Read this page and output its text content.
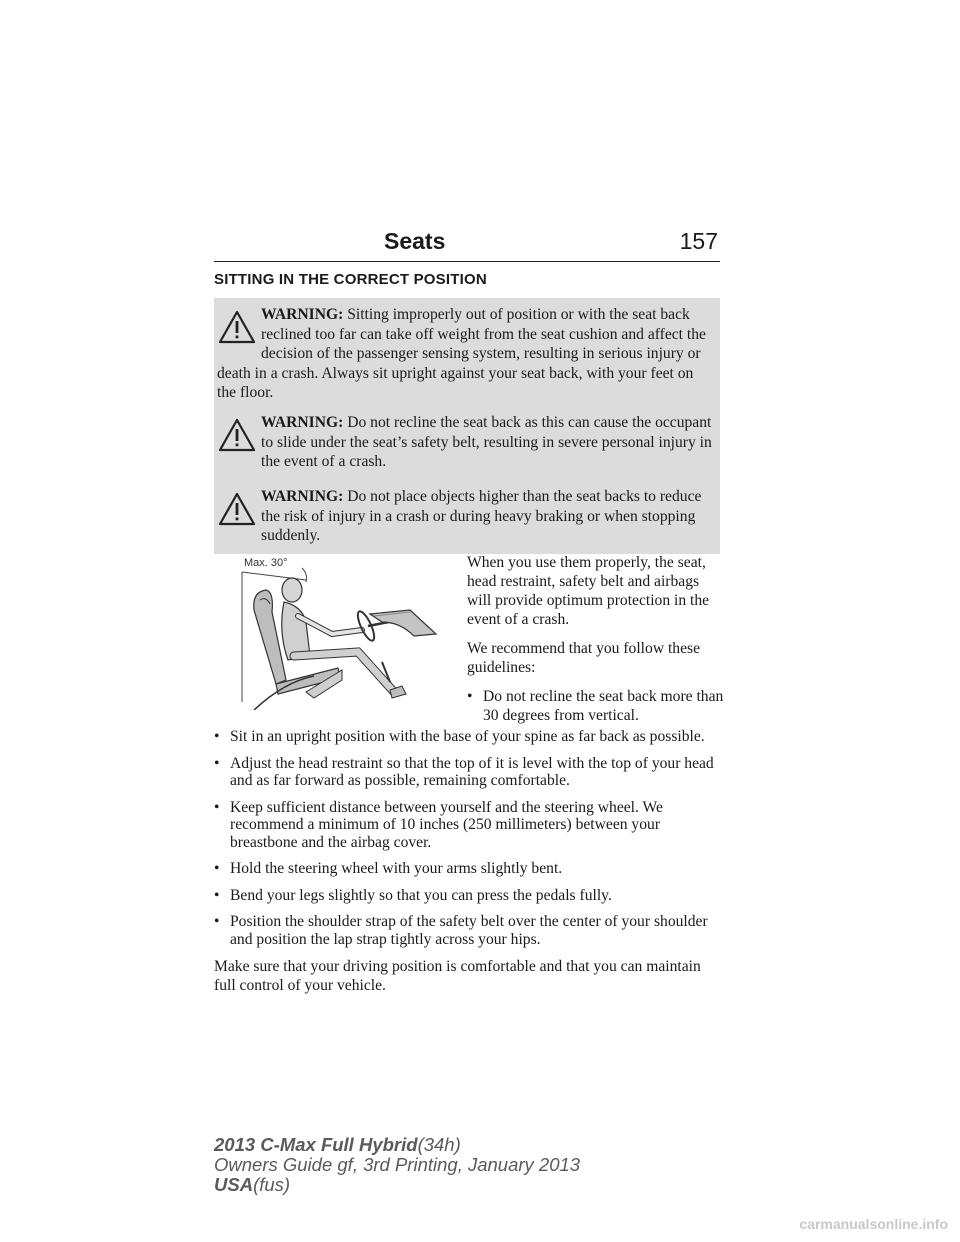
Seats	157
SITTING IN THE CORRECT POSITION
WARNING: Sitting improperly out of position or with the seat back reclined too far can take off weight from the seat cushion and affect the decision of the passenger sensing system, resulting in serious injury or death in a crash. Always sit upright against your seat back, with your feet on the floor.
WARNING: Do not recline the seat back as this can cause the occupant to slide under the seat’s safety belt, resulting in severe personal injury in the event of a crash.
WARNING: Do not place objects higher than the seat backs to reduce the risk of injury in a crash or during heavy braking or when stopping suddenly.
Max. 30°	When you use them properly, the seat, head restraint, safety belt and airbags will provide optimum protection in the event of a crash.

We recommend that you follow these guidelines:

• Do not recline the seat back more than 30 degrees from vertical.
• Sit in an upright position with the base of your spine as far back as possible.
• Adjust the head restraint so that the top of it is level with the top of your head and as far forward as possible, remaining comfortable.
• Keep sufficient distance between yourself and the steering wheel. We recommend a minimum of 10 inches (250 millimeters) between your breastbone and the airbag cover.
• Hold the steering wheel with your arms slightly bent.
• Bend your legs slightly so that you can press the pedals fully.
• Position the shoulder strap of the safety belt over the center of your shoulder and position the lap strap tightly across your hips.

Make sure that your driving position is comfortable and that you can maintain full control of your vehicle.

2013 C-Max Full Hybrid(34h)
Owners Guide gf, 3rd Printing, January 2013
USA(fus)
carmanualsonline.info
